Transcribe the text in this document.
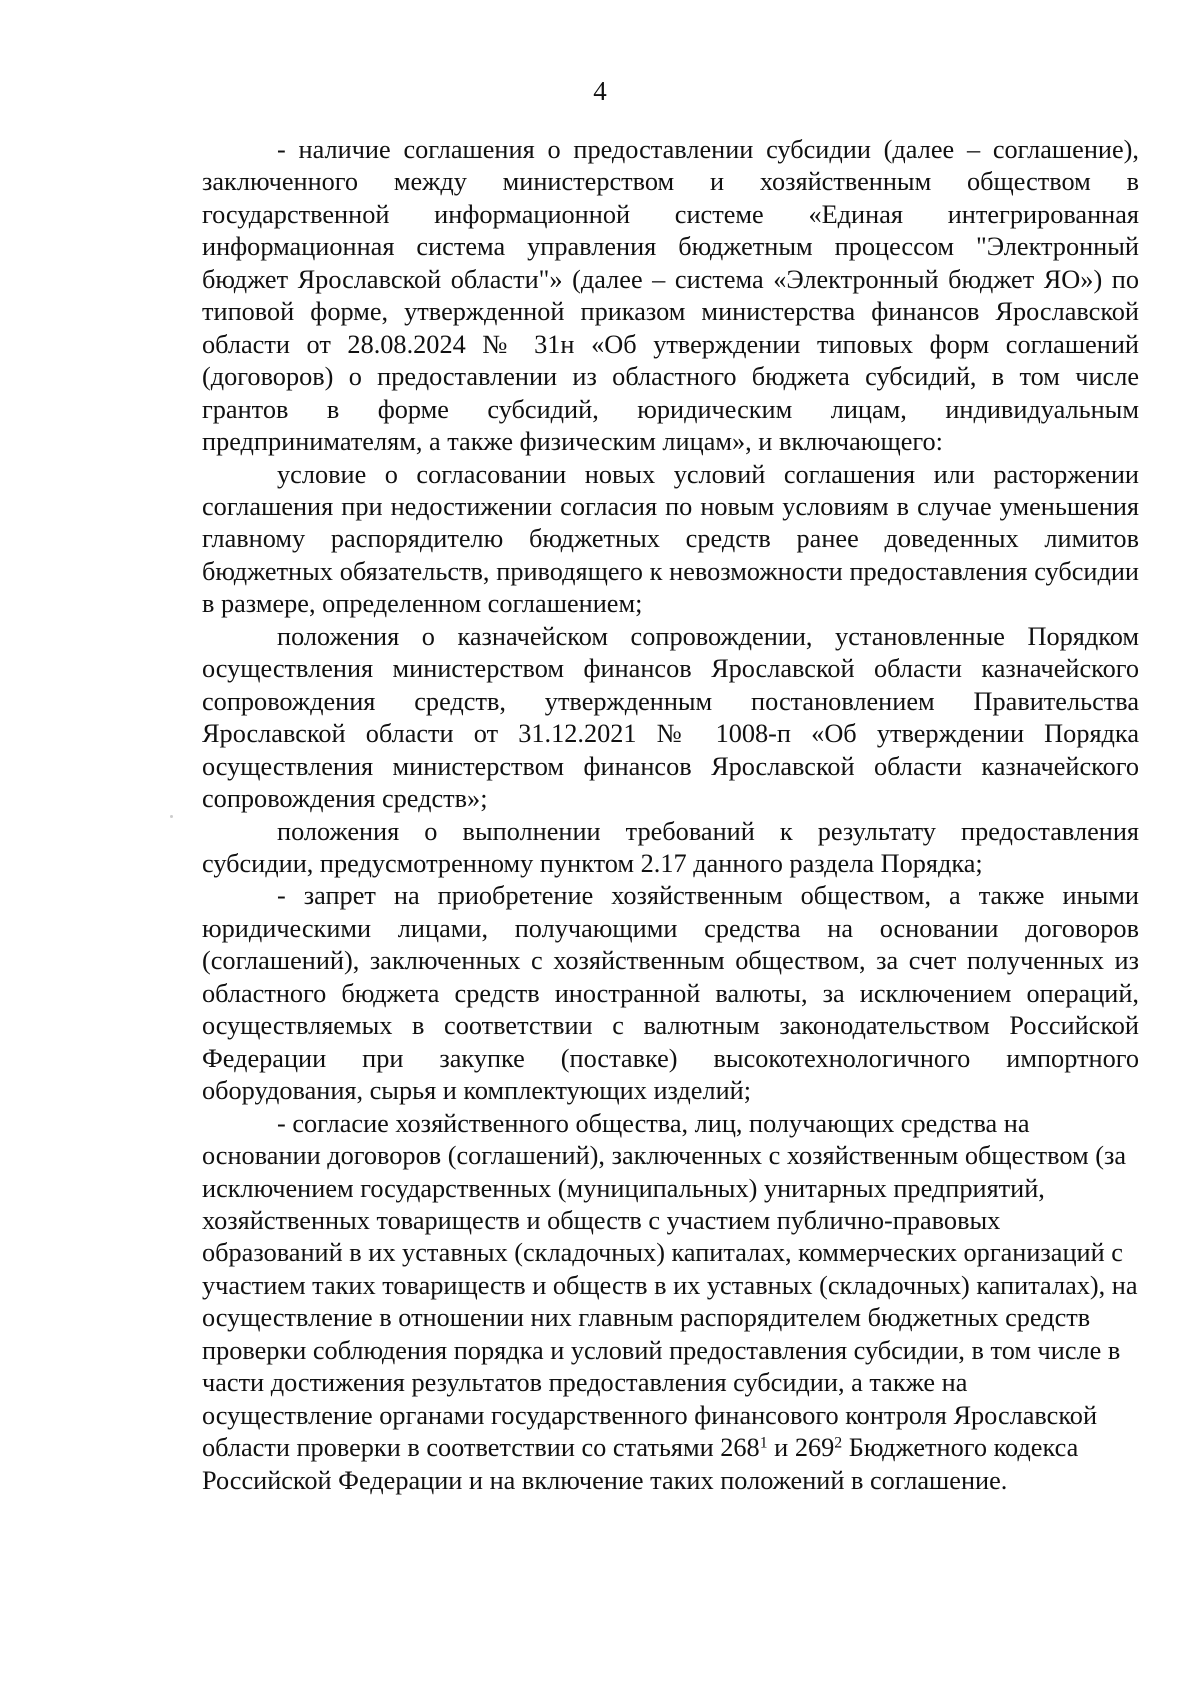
4

- наличие соглашения о предоставлении субсидии (далее – соглашение), заключенного между министерством и хозяйственным обществом в государственной информационной системе «Единая интегрированная информационная система управления бюджетным процессом "Электронный бюджет Ярославской области"» (далее – система «Электронный бюджет ЯО») по типовой форме, утвержденной приказом министерства финансов Ярославской области от 28.08.2024 № 31н «Об утверждении типовых форм соглашений (договоров) о предоставлении из областного бюджета субсидий, в том числе грантов в форме субсидий, юридическим лицам, индивидуальным предпринимателям, а также физическим лицам», и включающего:

условие о согласовании новых условий соглашения или расторжении соглашения при недостижении согласия по новым условиям в случае уменьшения главному распорядителю бюджетных средств ранее доведенных лимитов бюджетных обязательств, приводящего к невозможности предоставления субсидии в размере, определенном соглашением;

положения о казначейском сопровождении, установленные Порядком осуществления министерством финансов Ярославской области казначейского сопровождения средств, утвержденным постановлением Правительства Ярославской области от 31.12.2021 № 1008-п «Об утверждении Порядка осуществления министерством финансов Ярославской области казначейского сопровождения средств»;

положения о выполнении требований к результату предоставления субсидии, предусмотренному пунктом 2.17 данного раздела Порядка;

- запрет на приобретение хозяйственным обществом, а также иными юридическими лицами, получающими средства на основании договоров (соглашений), заключенных с хозяйственным обществом, за счет полученных из областного бюджета средств иностранной валюты, за исключением операций, осуществляемых в соответствии с валютным законодательством Российской Федерации при закупке (поставке) высокотехнологичного импортного оборудования, сырья и комплектующих изделий;

- согласие хозяйственного общества, лиц, получающих средства на основании договоров (соглашений), заключенных с хозяйственным обществом (за исключением государственных (муниципальных) унитарных предприятий, хозяйственных товариществ и обществ с участием публично-правовых образований в их уставных (складочных) капиталах, коммерческих организаций с участием таких товариществ и обществ в их уставных (складочных) капиталах), на осуществление в отношении них главным распорядителем бюджетных средств проверки соблюдения порядка и условий предоставления субсидии, в том числе в части достижения результатов предоставления субсидии, а также на осуществление органами государственного финансового контроля Ярославской области проверки в соответствии со статьями $268^1$ и $269^2$ Бюджетного кодекса Российской Федерации и на включение таких положений в соглашение.
